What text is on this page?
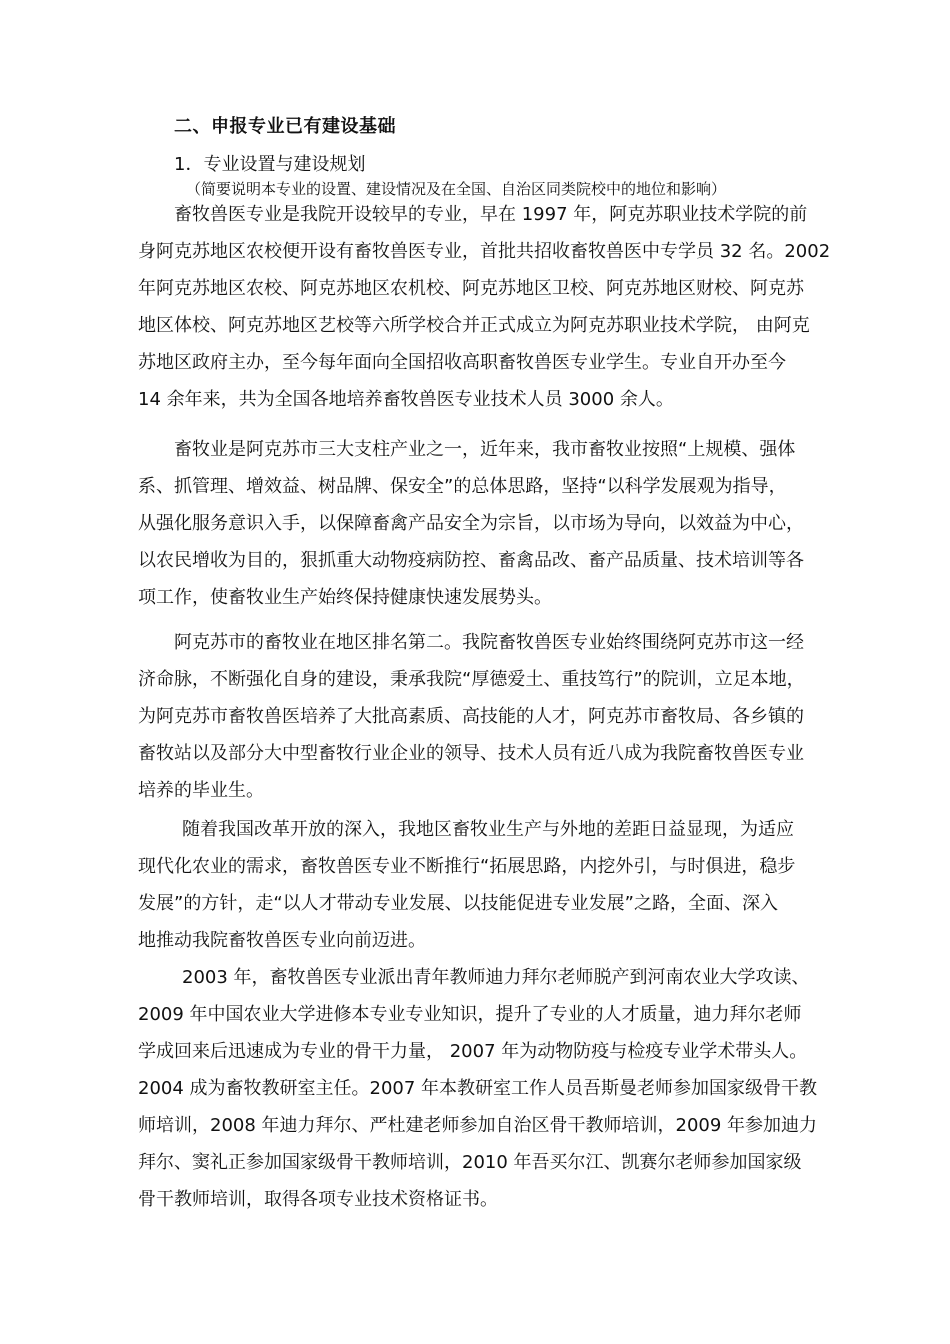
二、申报专业已有建设基础
1．专业设置与建设规划
（简要说明本专业的设置、建设情况及在全国、自治区同类院校中的地位和影响）
畜牧兽医专业是我院开设较早的专业，早在 1997 年，阿克苏职业技术学院的前
身阿克苏地区农校便开设有畜牧兽医专业，首批共招收畜牧兽医中专学员 32 名。2002
年阿克苏地区农校、阿克苏地区农机校、阿克苏地区卫校、阿克苏地区财校、阿克苏
地区体校、阿克苏地区艺校等六所学校合并正式成立为阿克苏职业技术学院， 由阿克
苏地区政府主办，至今每年面向全国招收高职畜牧兽医专业学生。专业自开办至今
14 余年来，共为全国各地培养畜牧兽医专业技术人员 3000 余人。
畜牧业是阿克苏市三大支柱产业之一，近年来，我市畜牧业按照“上规模、强体
系、抓管理、增效益、树品牌、保安全”的总体思路，坚持“以科学发展观为指导，
从强化服务意识入手，以保障畜禽产品安全为宗旨，以市场为导向，以效益为中心，
以农民增收为目的，狠抓重大动物疫病防控、畜禽品改、畜产品质量、技术培训等各
项工作，使畜牧业生产始终保持健康快速发展势头。
阿克苏市的畜牧业在地区排名第二。我院畜牧兽医专业始终围绕阿克苏市这一经
济命脉，不断强化自身的建设，秉承我院“厚德爱土、重技笃行”的院训，立足本地，
为阿克苏市畜牧兽医培养了大批高素质、高技能的人才，阿克苏市畜牧局、各乡镇的
畜牧站以及部分大中型畜牧行业企业的领导、技术人员有近八成为我院畜牧兽医专业
培养的毕业生。
随着我国改革开放的深入，我地区畜牧业生产与外地的差距日益显现，为适应
现代化农业的需求，畜牧兽医专业不断推行“拓展思路，内挖外引，与时俱进，稳步
发展”的方针，走“以人才带动专业发展、以技能促进专业发展”之路，全面、深入
地推动我院畜牧兽医专业向前迈进。
2003 年，畜牧兽医专业派出青年教师迪力拜尔老师脱产到河南农业大学攻读、
2009 年中国农业大学进修本专业专业知识，提升了专业的人才质量，迪力拜尔老师
学成回来后迅速成为专业的骨干力量， 2007 年为动物防疫与检疫专业学术带头人。
2004 成为畜牧教研室主任。2007 年本教研室工作人员吾斯曼老师参加国家级骨干教
师培训，2008 年迪力拜尔、严杜建老师参加自治区骨干教师培训，2009 年参加迪力
拜尔、窦礼正参加国家级骨干教师培训，2010 年吾买尔江、凯赛尔老师参加国家级
骨干教师培训，取得各项专业技术资格证书。
